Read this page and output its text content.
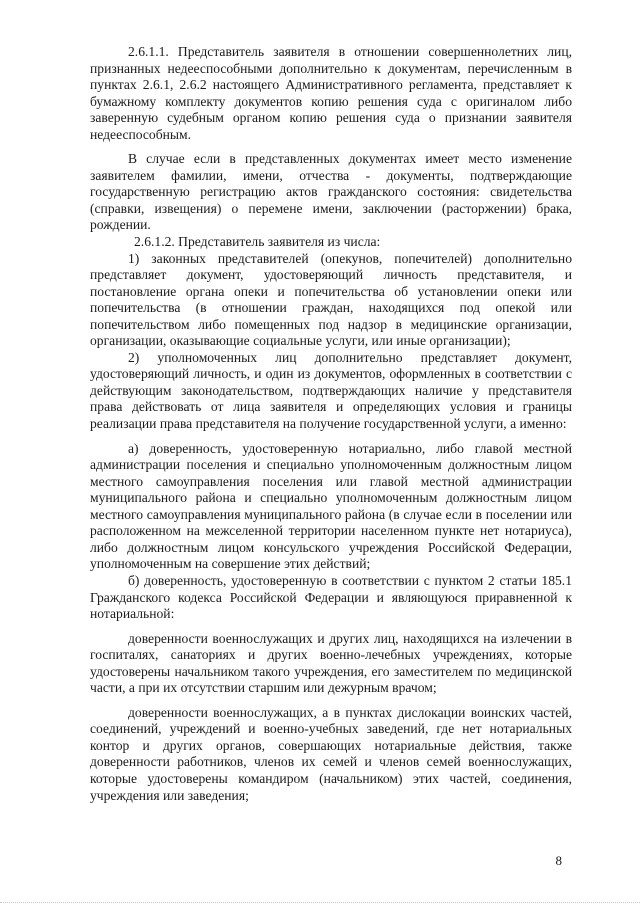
2.6.1.1. Представитель заявителя в отношении совершеннолетних лиц, признанных недееспособными дополнительно к документам, перечисленным в пунктах 2.6.1, 2.6.2 настоящего Административного регламента, представляет к бумажному комплекту документов копию решения суда с оригиналом либо заверенную судебным органом копию решения суда о признании заявителя недееспособным.

В случае если в представленных документах имеет место изменение заявителем фамилии, имени, отчества - документы, подтверждающие государственную регистрацию актов гражданского состояния: свидетельства (справки, извещения) о перемене имени, заключении (расторжении) брака, рождении.

2.6.1.2. Представитель заявителя из числа:

1) законных представителей (опекунов, попечителей) дополнительно представляет документ, удостоверяющий личность представителя, и постановление органа опеки и попечительства об установлении опеки или попечительства (в отношении граждан, находящихся под опекой или попечительством либо помещенных под надзор в медицинские организации, организации, оказывающие социальные услуги, или иные организации);

2) уполномоченных лиц дополнительно представляет документ, удостоверяющий личность, и один из документов, оформленных в соответствии с действующим законодательством, подтверждающих наличие у представителя права действовать от лица заявителя и определяющих условия и границы реализации права представителя на получение государственной услуги, а именно:

а) доверенность, удостоверенную нотариально, либо главой местной администрации поселения и специально уполномоченным должностным лицом местного самоуправления поселения или главой местной администрации муниципального района и специально уполномоченным должностным лицом местного самоуправления муниципального района (в случае если в поселении или расположенном на межселенной территории населенном пункте нет нотариуса), либо должностным лицом консульского учреждения Российской Федерации, уполномоченным на совершение этих действий;

б) доверенность, удостоверенную в соответствии с пунктом 2 статьи 185.1 Гражданского кодекса Российской Федерации и являющуюся приравненной к нотариальной:

доверенности военнослужащих и других лиц, находящихся на излечении в госпиталях, санаториях и других военно-лечебных учреждениях, которые удостоверены начальником такого учреждения, его заместителем по медицинской части, а при их отсутствии старшим или дежурным врачом;

доверенности военнослужащих, а в пунктах дислокации воинских частей, соединений, учреждений и военно-учебных заведений, где нет нотариальных контор и других органов, совершающих нотариальные действия, также доверенности работников, членов их семей и членов семей военнослужащих, которые удостоверены командиром (начальником) этих частей, соединения, учреждения или заведения;

8
